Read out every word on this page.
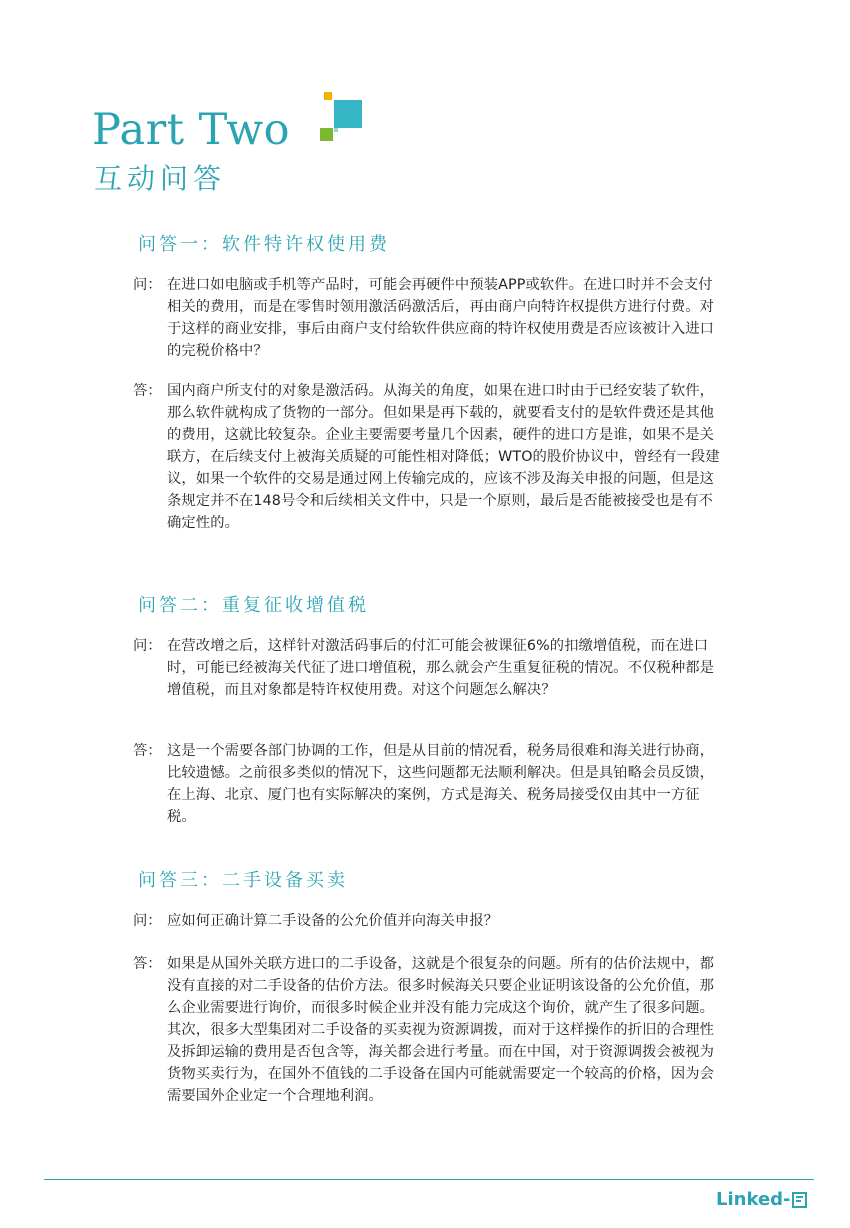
Part Two
互动问答
问答一：软件特许权使用费
问： 在进口如电脑或手机等产品时，可能会再硬件中预装APP或软件。在进口时并不会支付相关的费用，而是在零售时领用激活码激活后，再由商户向特许权提供方进行付费。对于这样的商业安排，事后由商户支付给软件供应商的特许权使用费是否应该被计入进口的完税价格中？

答： 国内商户所支付的对象是激活码。从海关的角度，如果在进口时由于已经安装了软件，那么软件就构成了货物的一部分。但如果是再下载的，就要看支付的是软件费还是其他的费用，这就比较复杂。企业主要需要考量几个因素，硬件的进口方是谁，如果不是关联方，在后续支付上被海关质疑的可能性相对降低；WTO的股价协议中，曾经有一段建议，如果一个软件的交易是通过网上传输完成的，应该不涉及海关申报的问题，但是这条规定并不在148号令和后续相关文件中，只是一个原则，最后是否能被接受也是有不确定性的。

问答二：重复征收增值税
问： 在营改增之后，这样针对激活码事后的付汇可能会被课征6%的扣缴增值税，而在进口时，可能已经被海关代征了进口增值税，那么就会产生重复征税的情况。不仅税种都是增值税，而且对象都是特许权使用费。对这个问题怎么解决？

答： 这是一个需要各部门协调的工作，但是从目前的情况看，税务局很难和海关进行协商，比较遗憾。之前很多类似的情况下，这些问题都无法顺利解决。但是具铂略会员反馈，在上海、北京、厦门也有实际解决的案例，方式是海关、税务局接受仅由其中一方征税。

问答三：二手设备买卖
问： 应如何正确计算二手设备的公允价值并向海关申报？

答： 如果是从国外关联方进口的二手设备，这就是个很复杂的问题。所有的估价法规中，都没有直接的对二手设备的估价方法。很多时候海关只要企业证明该设备的公允价值，那么企业需要进行询价，而很多时候企业并没有能力完成这个询价，就产生了很多问题。其次，很多大型集团对二手设备的买卖视为资源调拨，而对于这样操作的折旧的合理性及拆卸运输的费用是否包含等，海关都会进行考量。而在中国，对于资源调拨会被视为货物买卖行为，在国外不值钱的二手设备在国内可能就需要定一个较高的价格，因为会需要国外企业定一个合理地利润。

Linked-
